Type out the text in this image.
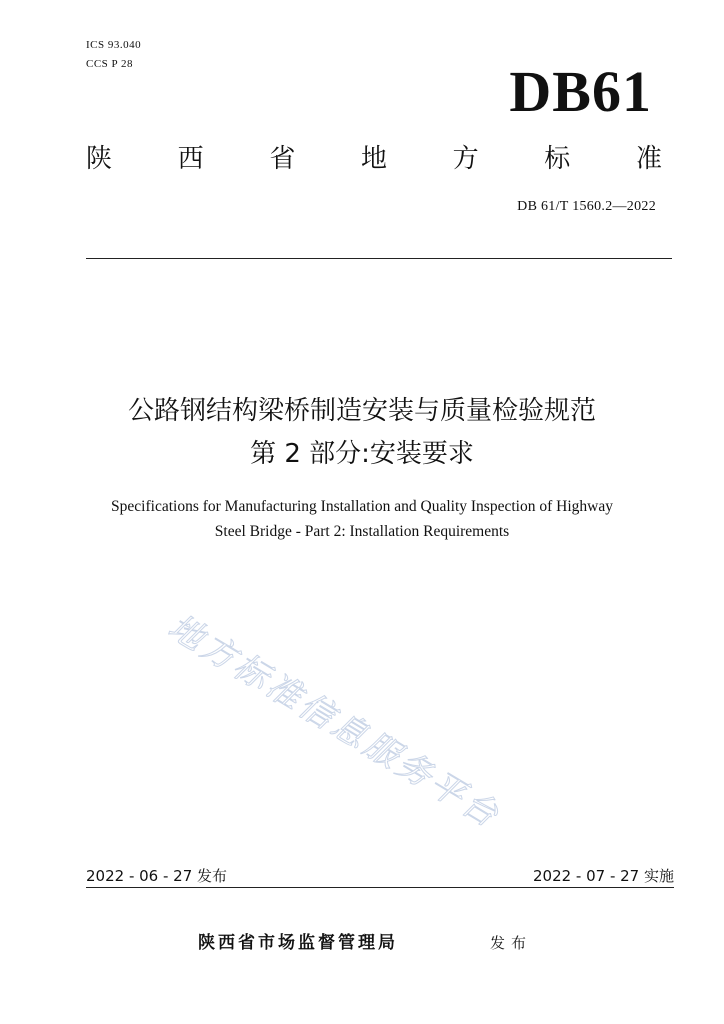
ICS 93.040
CCS P 28	DB61
陕	西	省	地	方	标	准
DB 61/T 1560.2—2022
公路钢结构梁桥制造安装与质量检验规范
第 2 部分:安装要求
Specifications for Manufacturing Installation and Quality Inspection of Highway
Steel Bridge - Part 2: Installation Requirements
地方标准信息服务平台
2022 - 06 - 27 发布	2022 - 07 - 27 实施
陕西省市场监督管理局	发布
